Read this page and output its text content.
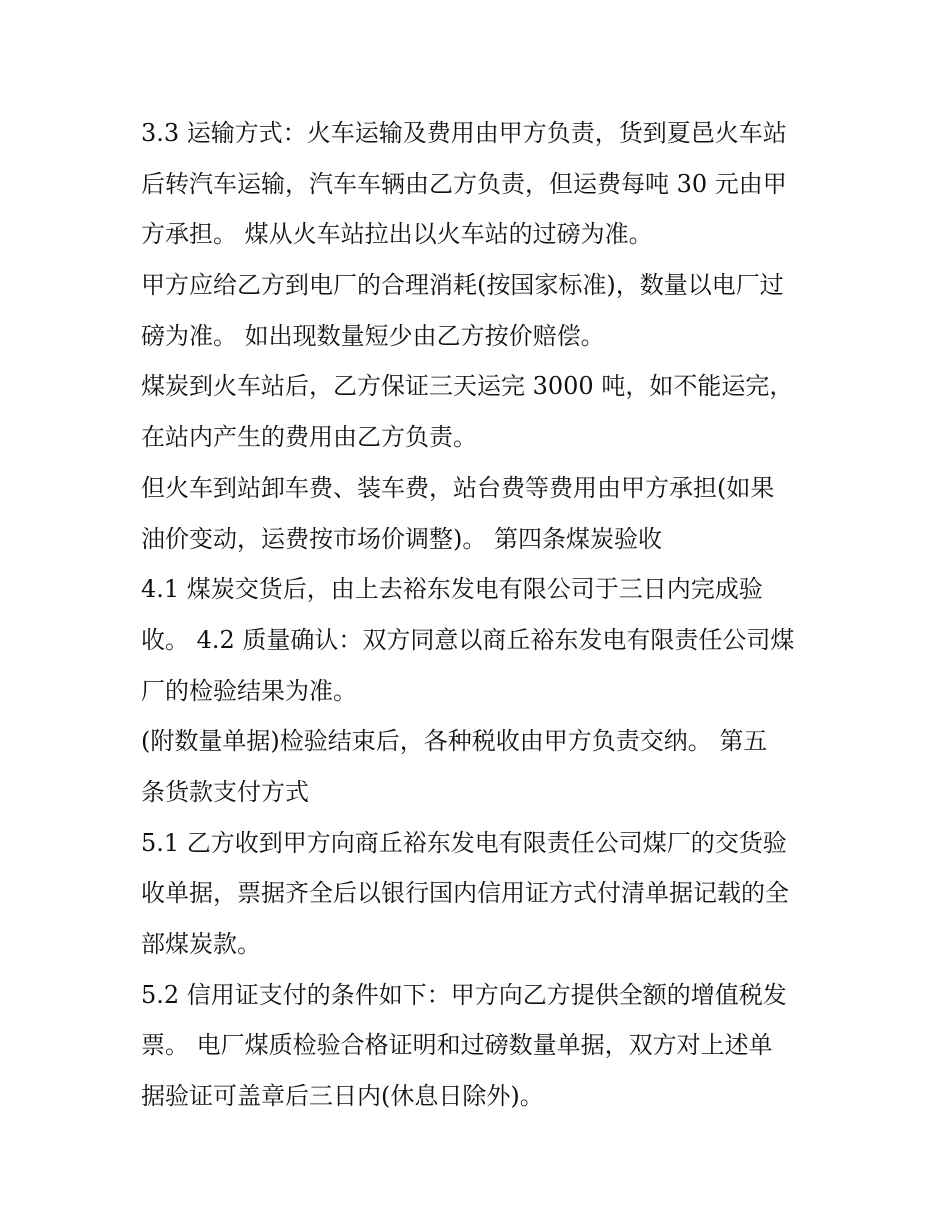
3.3 运输方式：火车运输及费用由甲方负责，货到夏邑火车站
后转汽车运输，汽车车辆由乙方负责，但运费每吨 30 元由甲
方承担。 煤从火车站拉出以火车站的过磅为准。
甲方应给乙方到电厂的合理消耗(按国家标准)，数量以电厂过
磅为准。 如出现数量短少由乙方按价赔偿。
煤炭到火车站后，乙方保证三天运完 3000 吨，如不能运完，
在站内产生的费用由乙方负责。
但火车到站卸车费、装车费，站台费等费用由甲方承担(如果
油价变动，运费按市场价调整)。 第四条煤炭验收
4.1 煤炭交货后，由上去裕东发电有限公司于三日内完成验
收。 4.2 质量确认：双方同意以商丘裕东发电有限责任公司煤
厂的检验结果为准。
(附数量单据)检验结束后，各种税收由甲方负责交纳。 第五
条货款支付方式
5.1 乙方收到甲方向商丘裕东发电有限责任公司煤厂的交货验
收单据，票据齐全后以银行国内信用证方式付清单据记载的全
部煤炭款。
5.2 信用证支付的条件如下：甲方向乙方提供全额的增值税发
票。 电厂煤质检验合格证明和过磅数量单据，双方对上述单
据验证可盖章后三日内(休息日除外)。
